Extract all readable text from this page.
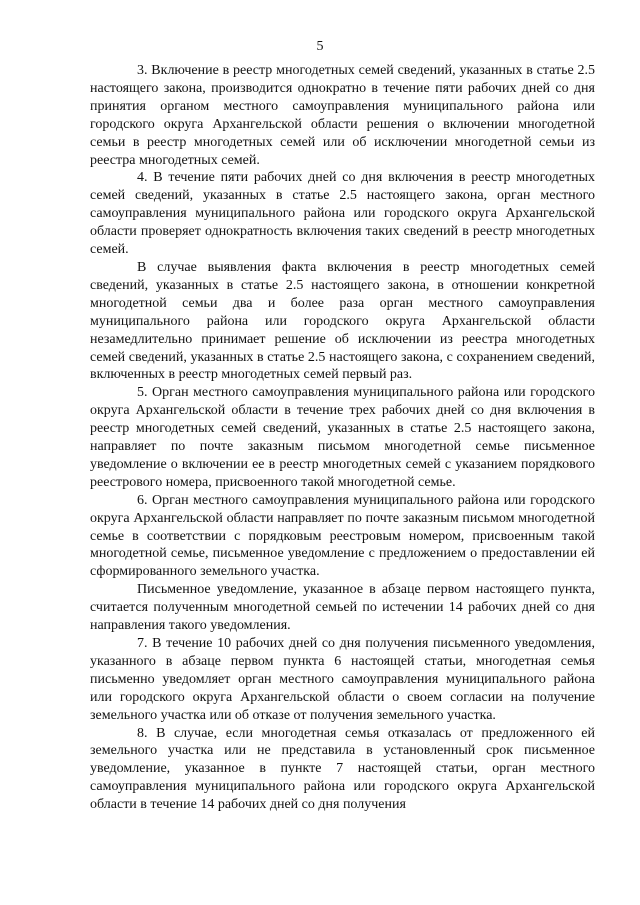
5

3. Включение в реестр многодетных семей сведений, указанных в статье 2.5 настоящего закона, производится однократно в течение пяти рабочих дней со дня принятия органом местного самоуправления муниципального района или городского округа Архангельской области решения о включении многодетной семьи в реестр многодетных семей или об исключении многодетной семьи из реестра многодетных семей.

4. В течение пяти рабочих дней со дня включения в реестр многодетных семей сведений, указанных в статье 2.5 настоящего закона, орган местного самоуправления муниципального района или городского округа Архангельской области проверяет однократность включения таких сведений в реестр многодетных семей.

В случае выявления факта включения в реестр многодетных семей сведений, указанных в статье 2.5 настоящего закона, в отношении конкретной многодетной семьи два и более раза орган местного самоуправления муниципального района или городского округа Архангельской области незамедлительно принимает решение об исключении из реестра многодетных семей сведений, указанных в статье 2.5 настоящего закона, с сохранением сведений, включенных в реестр многодетных семей первый раз.

5. Орган местного самоуправления муниципального района или городского округа Архангельской области в течение трех рабочих дней со дня включения в реестр многодетных семей сведений, указанных в статье 2.5 настоящего закона, направляет по почте заказным письмом многодетной семье письменное уведомление о включении ее в реестр многодетных семей с указанием порядкового реестрового номера, присвоенного такой многодетной семье.

6. Орган местного самоуправления муниципального района или городского округа Архангельской области направляет по почте заказным письмом многодетной семье в соответствии с порядковым реестровым номером, присвоенным такой многодетной семье, письменное уведомление с предложением о предоставлении ей сформированного земельного участка.

Письменное уведомление, указанное в абзаце первом настоящего пункта, считается полученным многодетной семьей по истечении 14 рабочих дней со дня направления такого уведомления.

7. В течение 10 рабочих дней со дня получения письменного уведомления, указанного в абзаце первом пункта 6 настоящей статьи, многодетная семья письменно уведомляет орган местного самоуправления муниципального района или городского округа Архангельской области о своем согласии на получение земельного участка или об отказе от получения земельного участка.

8. В случае, если многодетная семья отказалась от предложенного ей земельного участка или не представила в установленный срок письменное уведомление, указанное в пункте 7 настоящей статьи, орган местного самоуправления муниципального района или городского округа Архангельской области в течение 14 рабочих дней со дня получения
